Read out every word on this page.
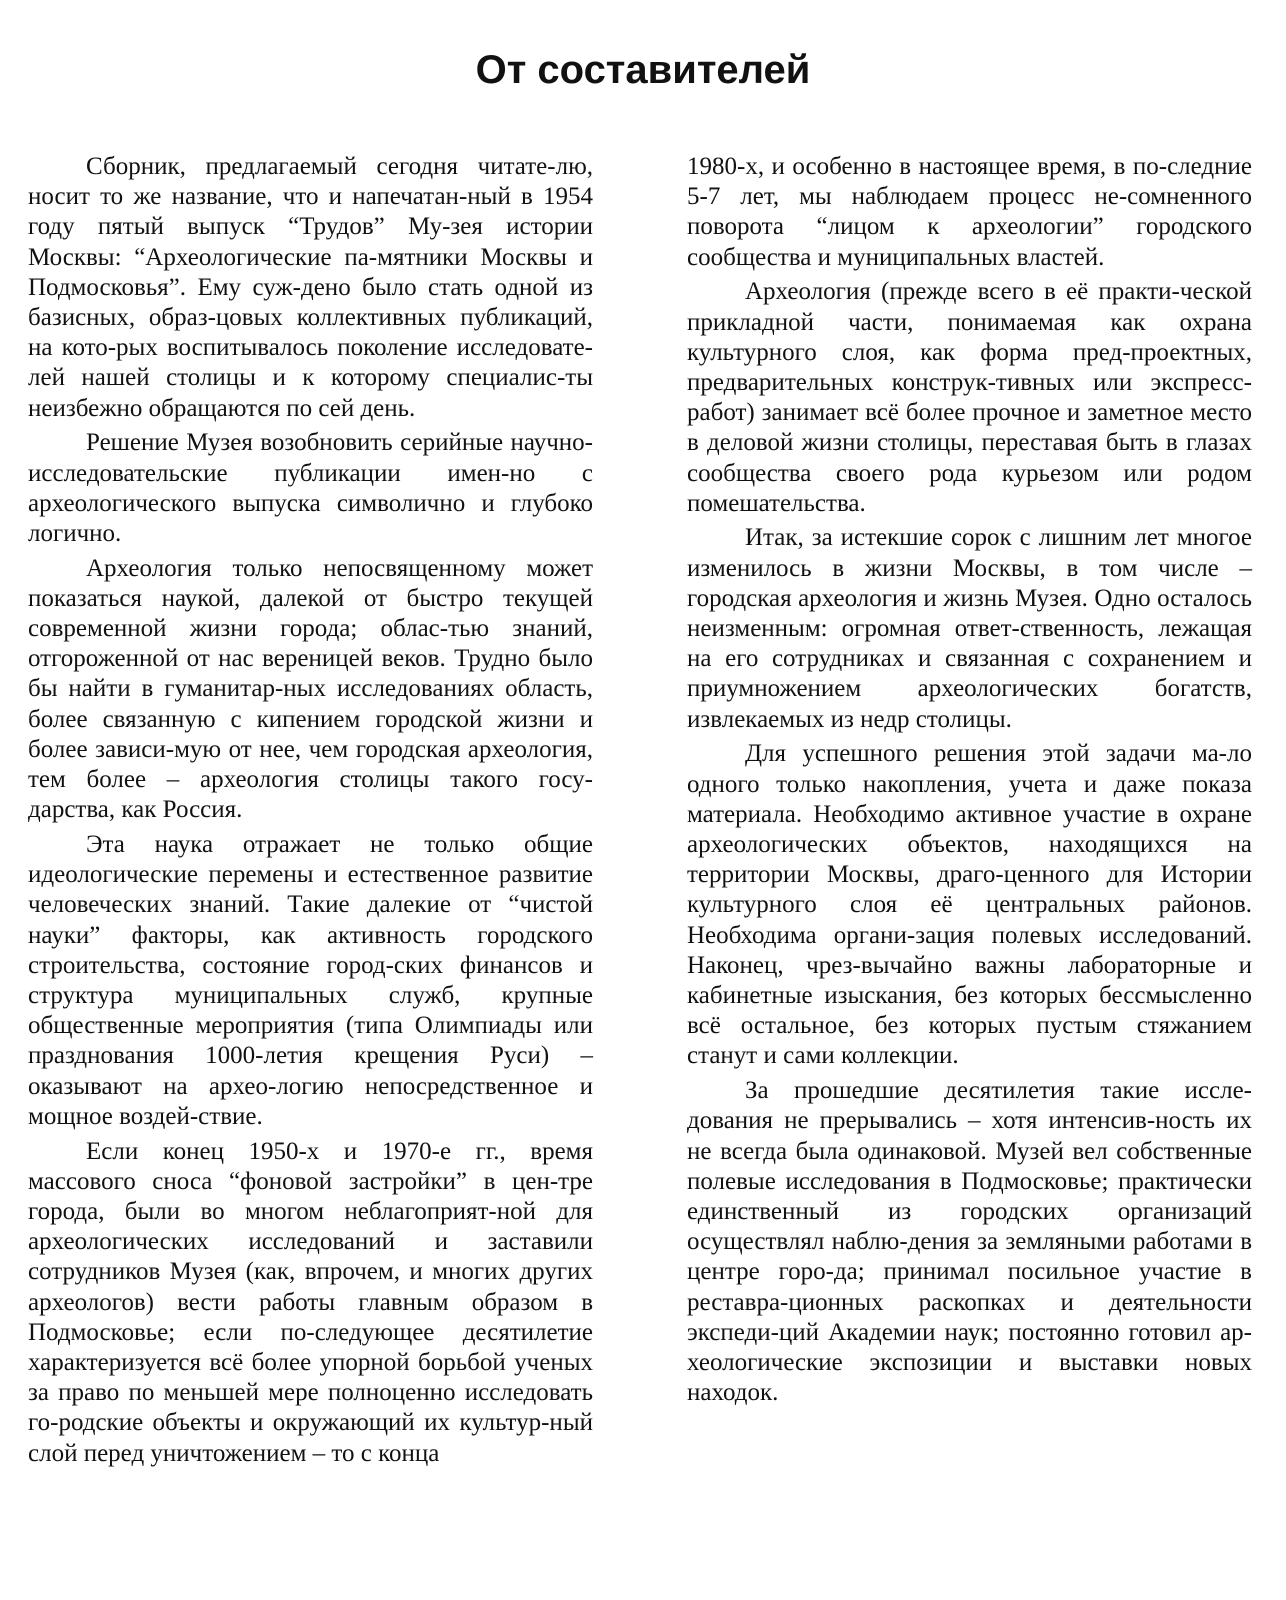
От составителей

Сборник, предлагаемый сегодня читате-лю, носит то же название, что и напечатан-ный в 1954 году пятый выпуск “Трудов” Му-зея истории Москвы: “Археологические па-мятники Москвы и Подмосковья”. Ему суж-дено было стать одной из базисных, образ-цовых коллективных публикаций, на кото-рых воспитывалось поколение исследовате-лей нашей столицы и к которому специалис-ты неизбежно обращаются по сей день.

Решение Музея возобновить серийные научно-исследовательские публикации имен-но с археологического выпуска символично и глубоко логично.

Археология только непосвященному может показаться наукой, далекой от быстро текущей современной жизни города; облас-тью знаний, отгороженной от нас вереницей веков. Трудно было бы найти в гуманитар-ных исследованиях область, более связанную с кипением городской жизни и более зависи-мую от нее, чем городская археология, тем более – археология столицы такого госу-дарства, как Россия.

Эта наука отражает не только общие идеологические перемены и естественное развитие человеческих знаний. Такие далекие от “чистой науки” факторы, как активность городского строительства, состояние город-ских финансов и структура муниципальных служб, крупные общественные мероприятия (типа Олимпиады или празднования 1000-летия крещения Руси) – оказывают на архео-логию непосредственное и мощное воздей-ствие.

Если конец 1950-х и 1970-е гг., время массового сноса “фоновой застройки” в цен-тре города, были во многом неблагоприят-ной для археологических исследований и заставили сотрудников Музея (как, впрочем, и многих других археологов) вести работы главным образом в Подмосковье; если по-следующее десятилетие характеризуется всё более упорной борьбой ученых за право по меньшей мере полноценно исследовать го-родские объекты и окружающий их культур-ный слой перед уничтожением – то с конца

1980-х, и особенно в настоящее время, в по-следние 5-7 лет, мы наблюдаем процесс не-сомненного поворота “лицом к археологии” городского сообщества и муниципальных властей.

Археология (прежде всего в её практи-ческой прикладной части, понимаемая как охрана культурного слоя, как форма пред-проектных, предварительных конструк-тивных или экспресс-работ) занимает всё более прочное и заметное место в деловой жизни столицы, переставая быть в глазах сообщества своего рода курьезом или родом помешательства.

Итак, за истекшие сорок с лишним лет многое изменилось в жизни Москвы, в том числе – городская археология и жизнь Музея. Одно осталось неизменным: огромная ответ-ственность, лежащая на его сотрудниках и связанная с сохранением и приумножением археологических богатств, извлекаемых из недр столицы.

Для успешного решения этой задачи ма-ло одного только накопления, учета и даже показа материала. Необходимо активное участие в охране археологических объектов, находящихся на территории Москвы, драго-ценного для Истории культурного слоя её центральных районов. Необходима органи-зация полевых исследований. Наконец, чрез-вычайно важны лабораторные и кабинетные изыскания, без которых бессмысленно всё остальное, без которых пустым стяжанием станут и сами коллекции.

За прошедшие десятилетия такие иссле-дования не прерывались – хотя интенсив-ность их не всегда была одинаковой. Музей вел собственные полевые исследования в Подмосковье; практически единственный из городских организаций осуществлял наблю-дения за земляными работами в центре горо-да; принимал посильное участие в реставра-ционных раскопках и деятельности экспеди-ций Академии наук; постоянно готовил ар-хеологические экспозиции и выставки новых находок.
